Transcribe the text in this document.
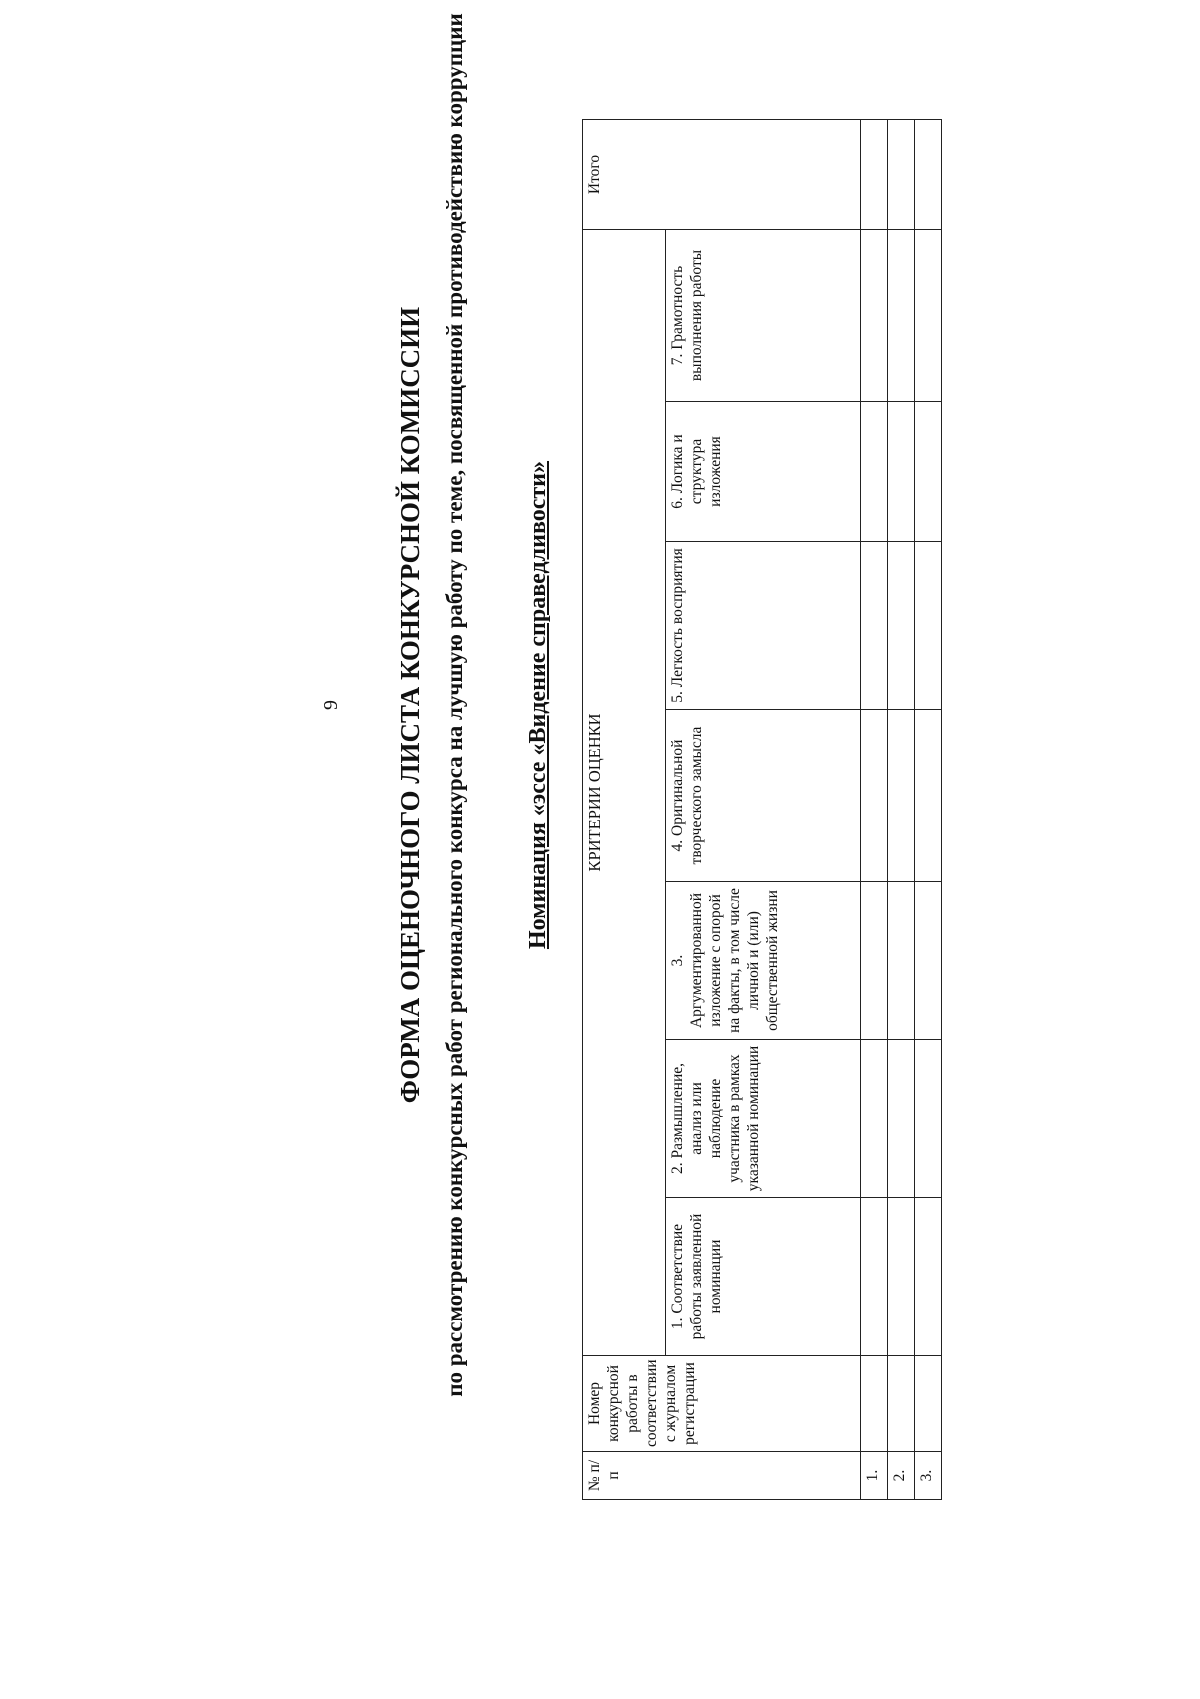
9 ФОРМА ОЦЕНОЧНОГО ЛИСТА КОНКУРСНОЙ КОМИССИИ по рассмотрению конкурсных работ регионального конкурса на лучшую работу по теме, посвященной противодействию коррупции Номинация «эссе «Видение справедливости»
№ п/п	Номер конкурсной работы в соответствии с журналом регистрации	КРИТЕРИИ ОЦЕНКИ							Итого
		1. Соответствие работы заявленной номинации	2. Размышление, анализ или наблюдение участника в рамках указанной номинации	3. Аргументированной изложение с опорой на факты, в том числе личной и (или) общественной жизни	4. Оригинальной творческого замысла	5. Легкость восприятия	6. Логика и структура изложения	7. Грамотность выполнения работы	
1.									
2.									
3.									
